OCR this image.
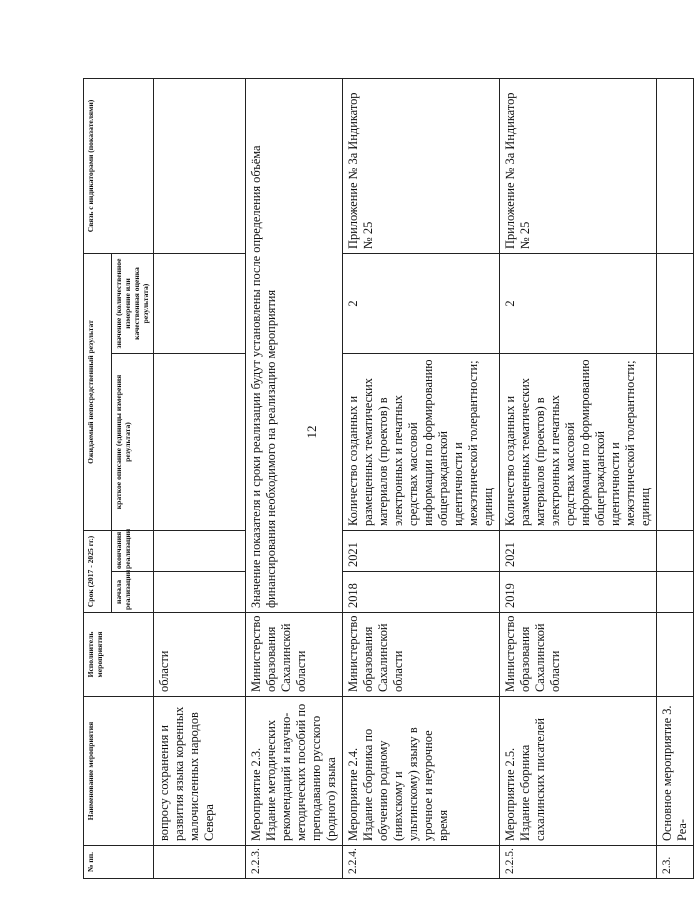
12
№ пп.	Наименование мероприятия	Исполнитель мероприятия	Срок (2017 - 2025 гг.)		Ожидаемый непосредственный результат		Связь с индикаторами (показателями)
			начала реализации	окончания реализации	краткое описание (единицы измерения результата)	значение (количественное измерение или качественная оценка результата)	
	вопросу сохранения и развития языка коренных малочисленных народов Севера	области					
2.2.3.	Мероприятие 2.3. Издание методических рекомендаций и научно-методических пособий по преподаванию русского (родного) языка	Министерство образования Сахалинской области	Значение показателя и сроки реализации будут установлены после определения объёма финансирования необходимого на реализацию мероприятия				
2.2.4.	Мероприятие 2.4. Издание сборника по обучению родному (нивхскому и ультинскому) языку в урочное и неурочное время	Министерство образования Сахалинской области	2018	2021	Количество созданных и размещенных тематических материалов (проектов) в электронных и печатных средствах массовой информации по формированию общегражданской идентичности и межэтнической толерантности; единиц	2	Приложение № 3а Индикатор № 25
2.2.5.	Мероприятие 2.5. Издание сборника сахалинских писателей	Министерство образования Сахалинской области	2019	2021	Количество созданных и размещенных тематических материалов (проектов) в электронных и печатных средствах массовой информации по формированию общегражданской идентичности и межэтнической толерантности; единиц	2	Приложение № 3а Индикатор № 25
2.3.	Основное мероприятие 3. Реа-						
